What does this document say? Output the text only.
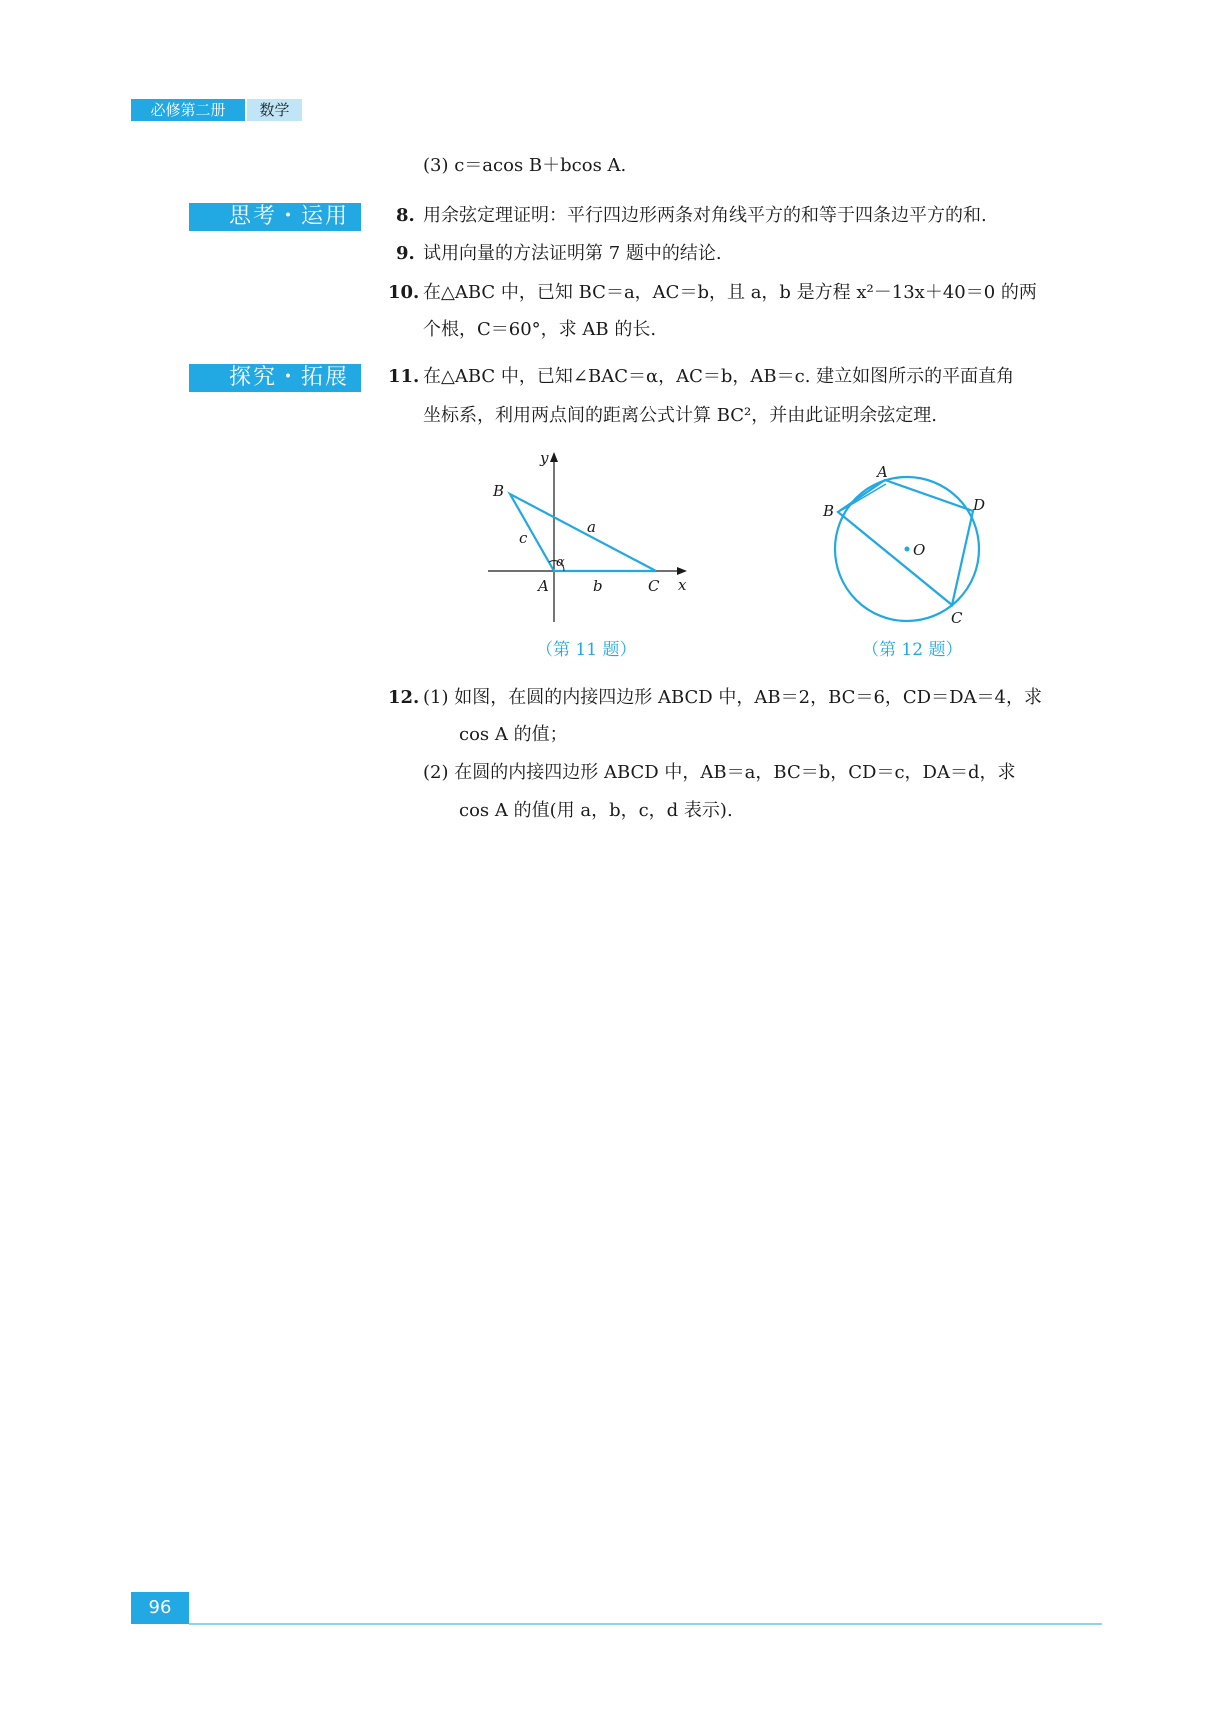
必修第二册	数学
(3) c＝acos B＋bcos A.
思考・运用	8. 用余弦定理证明：平行四边形两条对角线平方的和等于四条边平方的和.
9. 试用向量的方法证明第 7 题中的结论.
10. 在△ABC 中，已知 BC＝a，AC＝b，且 a，b 是方程 x²－13x＋40＝0 的两
个根，C＝60°，求 AB 的长.
探究・拓展	11. 在△ABC 中，已知∠BAC＝α，AC＝b，AB＝c. 建立如图所示的平面直角
坐标系，利用两点间的距离公式计算 BC²，并由此证明余弦定理.
y
x
B
A	C
a
b
c
α
（第 11 题）
A
B	D
C
O
（第 12 题）
12. (1) 如图，在圆的内接四边形 ABCD 中，AB＝2，BC＝6，CD＝DA＝4，求
cos A 的值；
(2) 在圆的内接四边形 ABCD 中，AB＝a，BC＝b，CD＝c，DA＝d，求
cos A 的值(用 a，b，c，d 表示).
96
